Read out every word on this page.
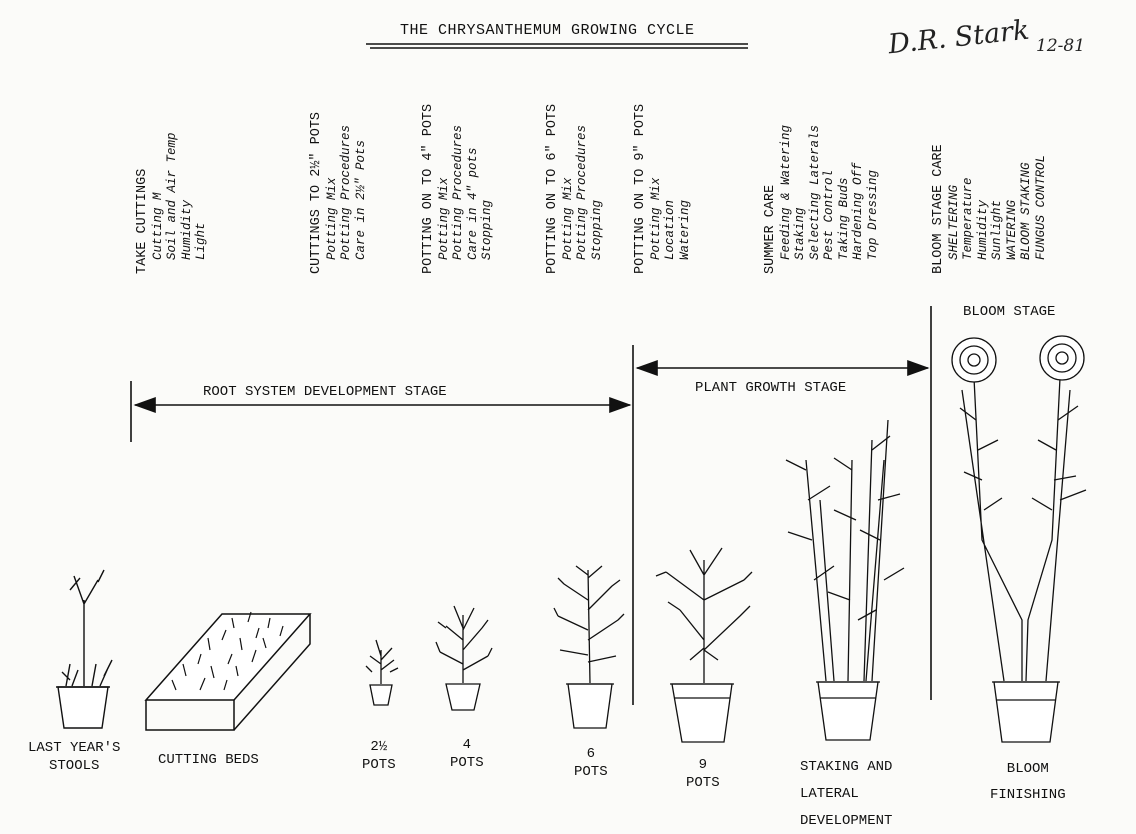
THE CHRYSANTHEMUM GROWING CYCLE	D.R. Stark 12-81
TAKE CUTTINGS Cutting M Soil and Air Temp Humidity Light	CUTTINGS TO 2½" POTS Potting Mix Potting Procedures Care in 2½" Pots	POTTING ON TO 4" POTS Potting Mix Potting Procedures Care in 4" pots Stopping	POTTING ON TO 6" POTS Potting Mix Potting Procedures Stopping POTTING ON TO 9" POTS Potting Mix Location Watering	SUMMER CARE Feeding & Watering Staking Selecting Laterals Pest Control Taking Buds Hardening Off Top Dressing	BLOOM STAGE CARE SHELTERING Temperature Humidity Sunlight WATERING BLOOM STAKING FUNGUS CONTROL
ROOT SYSTEM DEVELOPMENT STAGE	PLANT GROWTH STAGE
BLOOM STAGE
LAST YEAR'S
STOOLS	CUTTING BEDS
2½
POTS
4
POTS
6
POTS	9
POTS
STAKING AND
LATERAL
DEVELOPMENT
BLOOM
FINISHING
